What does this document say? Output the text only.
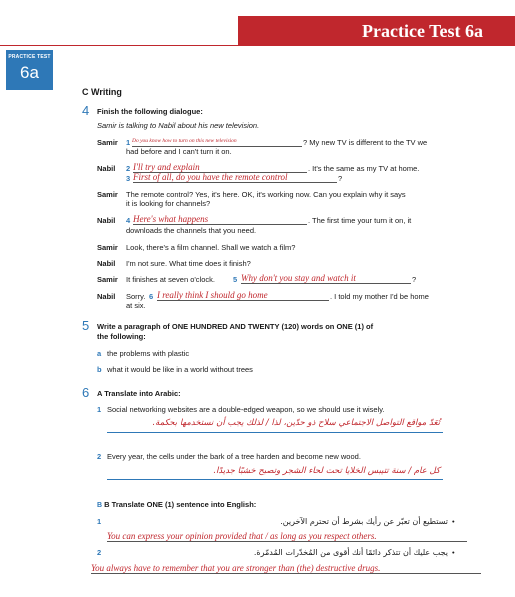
Practice Test 6a
PRACTICE TEST
6a
C Writing
4 Finish the following dialogue:
Samir is talking to Nabil about his new television.
Samir 1 Do you know how to turn on this new television	? My new TV is different to the TV we
had before and I can't turn it on.
Nabil 2 I'll try and explain	. It's the same as my TV at home.
3 First of all, do you have the remote control	?
Samir The remote control? Yes, it's here. OK, it's working now. Can you explain why it says
it is looking for channels?
Nabil 4 Here's what happens	. The first time your turn it on, it
downloads the channels that you need.
Samir Look, there's a film channel. Shall we watch a film?
Nabil I'm not sure. What time does it finish?
Samir It finishes at seven o'clock. 5 Why don't you stay and watch it	?
Nabil Sorry. 6 I really think I should go home	. I told my mother I'd be home
at six.
5 Write a paragraph of ONE HUNDRED AND TWENTY (120) words on ONE (1) of
the following:
a the problems with plastic
b what it would be like in a world without trees
6 A Translate into Arabic:
1 Social networking websites are a double-edged weapon, so we should use it wisely.
تُعَدّ مواقع التواصل الاجتماعي سلاح ذو حدّين، لذا / لذلك يجب أن نستخدمها بحكمة.
2 Every year, the cells under the bark of a tree harden and become new wood.
كل عام / سنة تتيبس الخلايا تحت لحاء الشجر وتصبح خشبًا جديدًا.
B B Translate ONE (1) sentence into English:
1	•
تستطيع أن تعبّر عن رأيك بشرط أن تحترم الآخرين.
You can express your opinion provided that / as long as you respect others.
2	•
يجب عليك أن تتذكر دائمًا أنك أقوى من المُخدّرات المُدمّرة.
You always have to remember that you are stronger than (the) destructive drugs.
